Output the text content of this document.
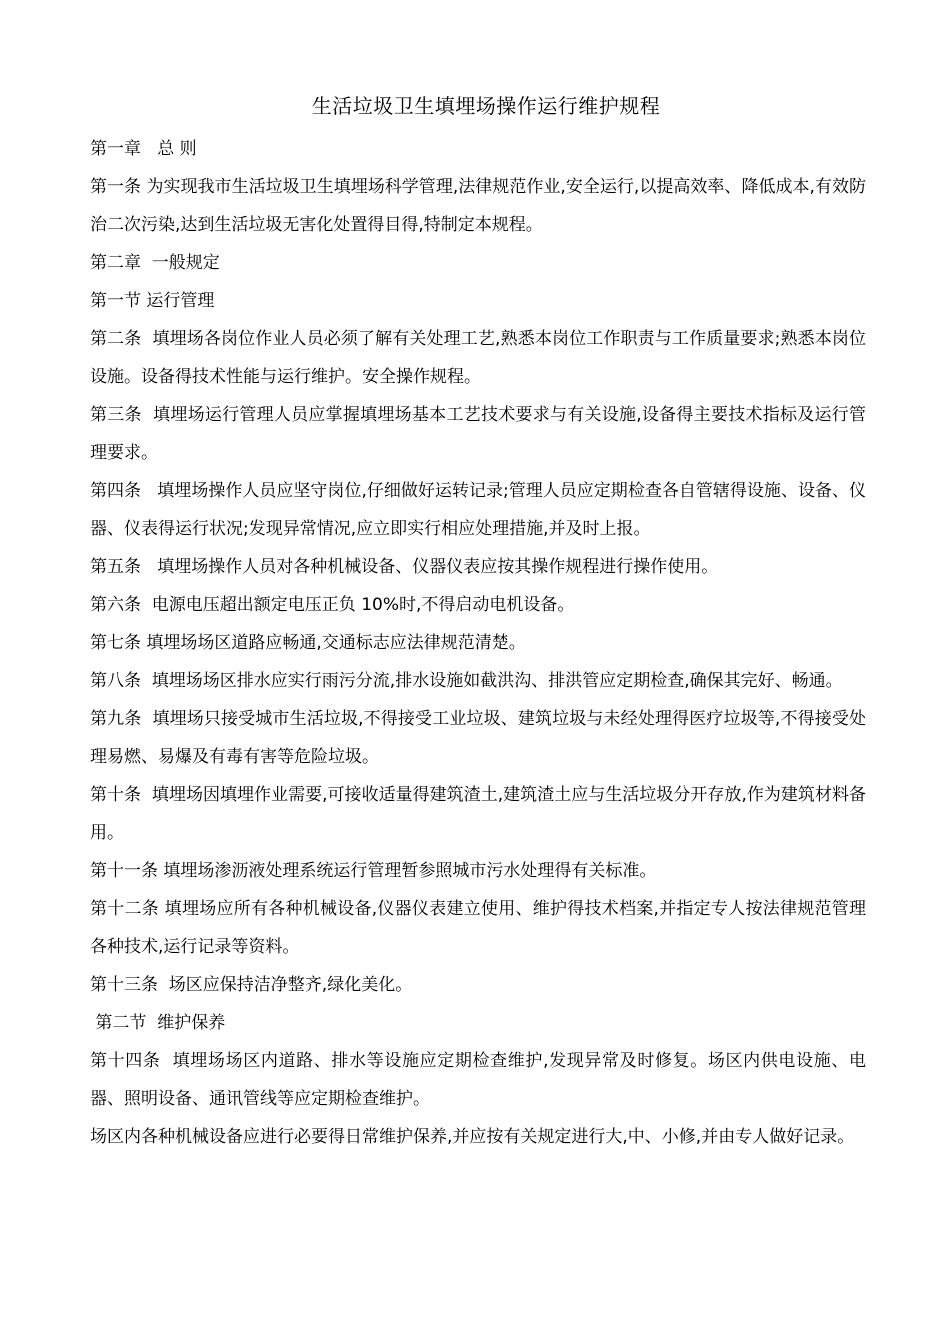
生活垃圾卫生填埋场操作运行维护规程

第一章   总 则

第一条 为实现我市生活垃圾卫生填埋场科学管理,法律规范作业,安全运行,以提高效率、降低成本,有效防治二次污染,达到生活垃圾无害化处置得目得,特制定本规程。

第二章  一般规定

第一节 运行管理

第二条  填埋场各岗位作业人员必须了解有关处理工艺,熟悉本岗位工作职责与工作质量要求;熟悉本岗位设施。设备得技术性能与运行维护。安全操作规程。

第三条  填埋场运行管理人员应掌握填埋场基本工艺技术要求与有关设施,设备得主要技术指标及运行管理要求。

第四条   填埋场操作人员应坚守岗位,仔细做好运转记录;管理人员应定期检查各自管辖得设施、设备、仪器、仪表得运行状况;发现异常情况,应立即实行相应处理措施,并及时上报。

第五条   填埋场操作人员对各种机械设备、仪器仪表应按其操作规程进行操作使用。

第六条  电源电压超出额定电压正负 10%时,不得启动电机设备。

第七条 填埋场场区道路应畅通,交通标志应法律规范清楚。

第八条  填埋场场区排水应实行雨污分流,排水设施如截洪沟、排洪管应定期检查,确保其完好、畅通。

第九条  填埋场只接受城市生活垃圾,不得接受工业垃圾、建筑垃圾与未经处理得医疗垃圾等,不得接受处理易燃、易爆及有毒有害等危险垃圾。

第十条  填埋场因填埋作业需要,可接收适量得建筑渣土,建筑渣土应与生活垃圾分开存放,作为建筑材料备用。

第十一条 填埋场渗沥液处理系统运行管理暂参照城市污水处理得有关标准。

第十二条 填埋场应所有各种机械设备,仪器仪表建立使用、维护得技术档案,并指定专人按法律规范管理各种技术,运行记录等资料。

第十三条  场区应保持洁净整齐,绿化美化。

第二节  维护保养

第十四条  填埋场场区内道路、排水等设施应定期检查维护,发现异常及时修复。场区内供电设施、电器、照明设备、通讯管线等应定期检查维护。

场区内各种机械设备应进行必要得日常维护保养,并应按有关规定进行大,中、小修,并由专人做好记录。
